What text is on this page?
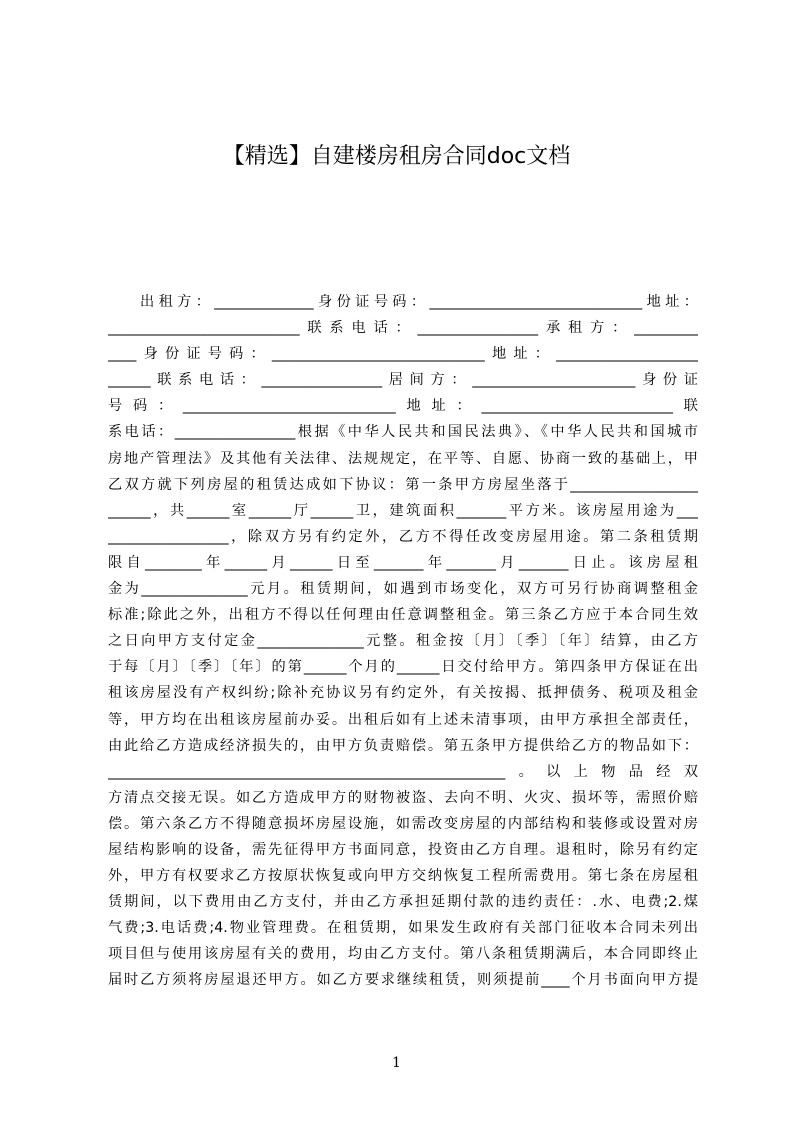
【精选】自建楼房租房合同doc文档
出租方：______________身份证号码：______________________________地址：
___________________________联系电话：_________________承租方：_________
____身份证号码：______________________________地址：____________________
______联系电话：_________________居间方：_______________________身份证
号码：______________________________地址：___________________________联
系电话：_________________根据《中华人民共和国民法典》、《中华人民共和国城市
房地产管理法》及其他有关法律、法规规定，在平等、自愿、协商一致的基础上，甲
乙双方就下列房屋的租赁达成如下协议：第一条甲方房屋坐落于__________________
______，共______室______厅______卫，建筑面积_______平方米。该房屋用途为___
_________________，除双方另有约定外，乙方不得任改变房屋用途。第二条租赁期
限自________年______月______日至_______年_______月_______日止。该房屋租
金为_______________元月。租赁期间，如遇到市场变化，双方可另行协商调整租金
标准;除此之外，出租方不得以任何理由任意调整租金。第三条乙方应于本合同生效
之日向甲方支付定金_______________元整。租金按〔月〕〔季〕〔年〕结算，由乙方
于每〔月〕〔季〕〔年〕的第______个月的______日交付给甲方。第四条甲方保证在出
租该房屋没有产权纠纷;除补充协议另有约定外，有关按揭、抵押债务、税项及租金
等，甲方均在出租该房屋前办妥。出租后如有上述未清事项，由甲方承担全部责任，
由此给乙方造成经济损失的，由甲方负责赔偿。第五条甲方提供给乙方的物品如下：
________________________________________________________。以上物品经双
方清点交接无误。如乙方造成甲方的财物被盗、去向不明、火灾、损坏等，需照价赔
偿。第六条乙方不得随意损坏房屋设施，如需改变房屋的内部结构和装修或设置对房
屋结构影响的设备，需先征得甲方书面同意，投资由乙方自理。退租时，除另有约定
外，甲方有权要求乙方按原状恢复或向甲方交纳恢复工程所需费用。第七条在房屋租
赁期间，以下费用由乙方支付，并由乙方承担延期付款的违约责任：.水、电费;2.煤
气费;3.电话费;4.物业管理费。在租赁期，如果发生政府有关部门征收本合同未列出
项目但与使用该房屋有关的费用，均由乙方支付。第八条租赁期满后，本合同即终止
届时乙方须将房屋退还甲方。如乙方要求继续租赁，则须提前____个月书面向甲方提
1
